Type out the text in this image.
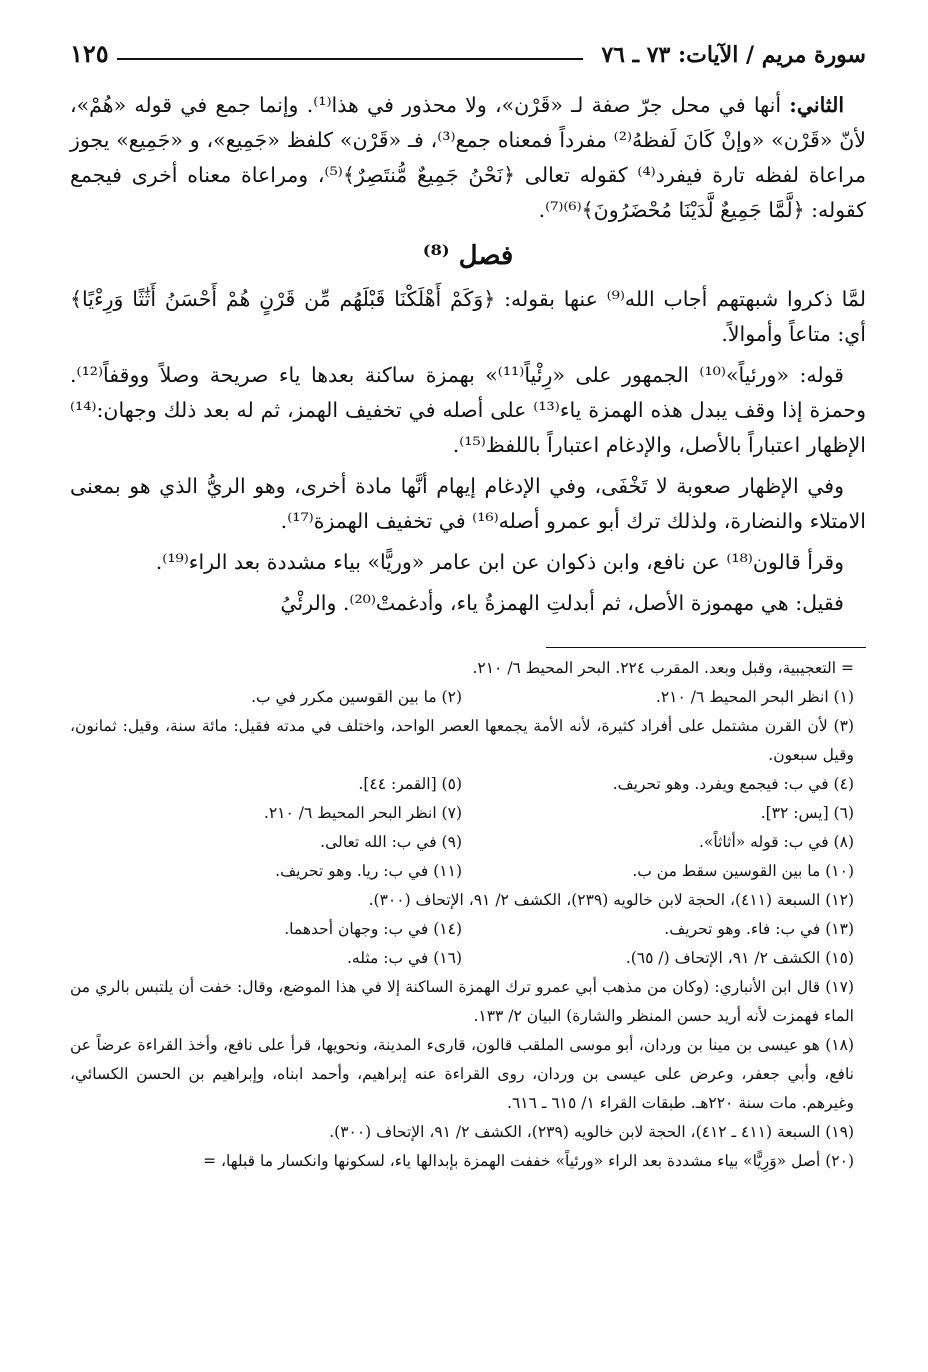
سورة مريم / الآيات: ٧٣ ـ ٧٦
١٢٥

الثاني: أنها في محل جرّ صفة لـ «قَرْن»، ولا محذور في هذا⁽¹⁾. وإنما جمع في قوله «هُمْ»، لأنّ «قَرْن» «وإنْ كَانَ لَفظهُ⁽²⁾ مفرداً فمعناه جمع⁽³⁾، فـ «قَرْن» كلفظ «جَمِيع»، و «جَمِيع» يجوز مراعاة لفظه تارة فيفرد⁽⁴⁾ كقوله تعالى ﴿نَحْنُ جَمِيعٌ مُّنتَصِرٌ﴾⁽⁵⁾، ومراعاة معناه أخرى فيجمع كقوله: ﴿لَّمَّا جَمِيعٌ لَّدَيْنَا مُحْضَرُونَ﴾⁽⁶⁾⁽⁷⁾.

فصل ⁽⁸⁾

لمَّا ذكروا شبهتهم أجاب الله⁽⁹⁾ عنها بقوله: ﴿وَكَمْ أَهْلَكْنَا قَبْلَهُم مِّن قَرْنٍ هُمْ أَحْسَنُ أَثَٰثًا وَرِءْيًا﴾ أي: متاعاً وأموالاً.

قوله: «ورئياً»⁽¹⁰⁾ الجمهور على «رِئْياً⁽¹¹⁾» بهمزة ساكنة بعدها ياء صريحة وصلاً ووقفاً⁽¹²⁾. وحمزة إذا وقف يبدل هذه الهمزة ياء⁽¹³⁾ على أصله في تخفيف الهمز، ثم له بعد ذلك وجهان:⁽¹⁴⁾ الإظهار اعتباراً بالأصل، والإدغام اعتباراً باللفظ⁽¹⁵⁾.

وفي الإظهار صعوبة لا تَخْفَى، وفي الإدغام إيهام أنَّها مادة أخرى، وهو الريُّ الذي هو بمعنى الامتلاء والنضارة، ولذلك ترك أبو عمرو أصله⁽¹⁶⁾ في تخفيف الهمزة⁽¹⁷⁾.

وقرأ قالون⁽¹⁸⁾ عن نافع، وابن ذكوان عن ابن عامر «وريًّا» بياء مشددة بعد الراء⁽¹⁹⁾.

فقيل: هي مهموزة الأصل، ثم أبدلتِ الهمزةُ ياء، وأدغمتْ⁽²⁰⁾. والرئْيُ

= التعجيبية، وقبل وبعد. المقرب ٢٢٤. البحر المحيط ٦/ ٢١٠.
(١) انظر البحر المحيط ٦/ ٢١٠.
(٢) ما بين القوسين مكرر في ب.
(٣) لأن القرن مشتمل على أفراد كثيرة، لأنه الأمة يجمعها العصر الواحد، واختلف في مدته فقيل: مائة سنة، وقيل: ثمانون، وقيل سبعون.
(٤) في ب: فيجمع ويفرد. وهو تحريف.
(٥) [القمر: ٤٤].
(٦) [يس: ٣٢].
(٧) انظر البحر المحيط ٦/ ٢١٠.
(٨) في ب: قوله «أثاثاً».
(٩) في ب: الله تعالى.
(١٠) ما بين القوسين سقط من ب.
(١١) في ب: ريا. وهو تحريف.
(١٢) السبعة (٤١١)، الحجة لابن خالويه (٢٣٩)، الكشف ٢/ ٩١، الإتحاف (٣٠٠).
(١٣) في ب: فاء. وهو تحريف.
(١٤) في ب: وجهان أحدهما.
(١٥) الكشف ٢/ ٩١، الإتحاف (/ ٦٥).
(١٦) في ب: مثله.
(١٧) قال ابن الأنباري: (وكان من مذهب أبي عمرو ترك الهمزة الساكنة إلا في هذا الموضع، وقال: خفت أن يلتبس بالري من الماء فهمزت لأنه أريد حسن المنظر والشارة) البيان ٢/ ١٣٣.
(١٨) هو عيسى بن مينا بن وردان، أبو موسى الملقب قالون، قارىء المدينة، ونحويها، قرأ على نافع، وأخذ القراءة عرضاً عن نافع، وأبي جعفر، وعرض على عيسى بن وردان، روى القراءة عنه إبراهيم، وأحمد ابناه، وإبراهيم بن الحسن الكسائي، وغيرهم. مات سنة ٢٢٠هـ. طبقات القراء ١/ ٦١٥ ـ ٦١٦.
(١٩) السبعة (٤١١ ـ ٤١٢)، الحجة لابن خالويه (٢٣٩)، الكشف ٢/ ٩١، الإتحاف (٣٠٠).
(٢٠) أصل «وَرِيًّا» بياء مشددة بعد الراء «ورئياً» خففت الهمزة بإبدالها ياء، لسكونها وانكسار ما قبلها، =
